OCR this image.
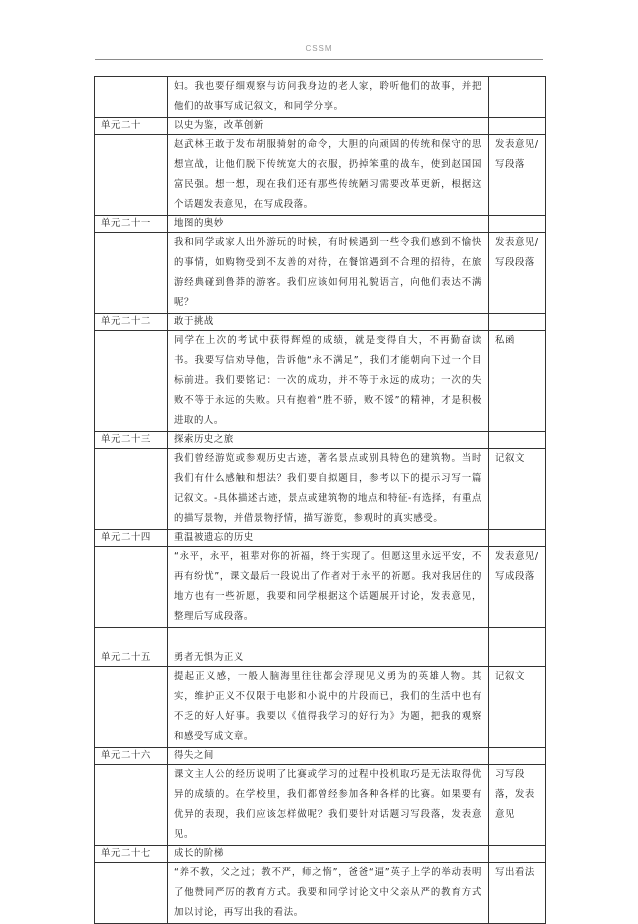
CSSM
	妇。我也要仔细观察与访问我身边的老人家，聆听他们的故事，并把他们的故事写成记叙文，和同学分享。	
单元二十	以史为鉴，改革创新	
	赵武林王敢于发布胡服骑射的命令，大胆的向顽固的传统和保守的思想宣战，让他们脱下传统宽大的衣服，扔掉笨重的战车，使到赵国国富民强。想一想，现在我们还有那些传统陋习需要改革更新，根据这个话题发表意见，在写成段落。	发表意见/写段落
单元二十一	地图的奥妙	
	我和同学或家人出外游玩的时候，有时候遇到一些令我们感到不愉快的事情，如购物受到不友善的对待，在餐馆遇到不合理的招待，在旅游经典碰到鲁莽的游客。我们应该如何用礼貌语言，向他们表达不满呢？	发表意见/写段段落
单元二十二	敢于挑战	
	同学在上次的考试中获得辉煌的成绩，就是变得自大，不再勤奋读书。我要写信劝导他，告诉他“永不满足”，我们才能朝向下过一个目标前进。我们要铭记：一次的成功，并不等于永远的成功；一次的失败不等于永远的失败。只有抱着“胜不骄，败不馁”的精神，才是积极进取的人。	私函
单元二十三	探索历史之旅	
	我们曾经游览或参观历史古迹，著名景点或别具特色的建筑物。当时我们有什么感触和想法？我们要自拟题目，参考以下的提示习写一篇记叙文。-具体描述古迹，景点或建筑物的地点和特征-有选择，有重点的描写景物，并借景物抒情，描写游览，参观时的真实感受。	记叙文
单元二十四	重温被遗忘的历史	
	“永平，永平，祖辈对你的祈福，终于实现了。但愿这里永远平安，不再有纷忧”，课文最后一段说出了作者对于永平的祈愿。我对我居住的地方也有一些祈愿，我要和同学根据这个话题展开讨论，发表意见，整理后写成段落。	发表意见/写成段落
单元二十五	勇者无惧为正义	
	提起正义感，一般人脑海里往往都会浮现见义勇为的英雄人物。其实，维护正义不仅限于电影和小说中的片段而已，我们的生活中也有不乏的好人好事。我要以《值得我学习的好行为》为题，把我的观察和感受写成文章。	记叙文
单元二十六	得失之间	
	课文主人公的经历说明了比赛或学习的过程中投机取巧是无法取得优异的成绩的。在学校里，我们都曾经参加各种各样的比赛。如果要有优异的表现，我们应该怎样做呢？我们要针对话题习写段落，发表意见。	习写段落，发表意见
单元二十七	成长的阶梯	
	“养不教，父之过；教不严，师之惰”，爸爸“逼”英子上学的举动表明了他赞同严厉的教育方式。我要和同学讨论文中父亲从严的教育方式加以讨论，再写出我的看法。	写出看法
